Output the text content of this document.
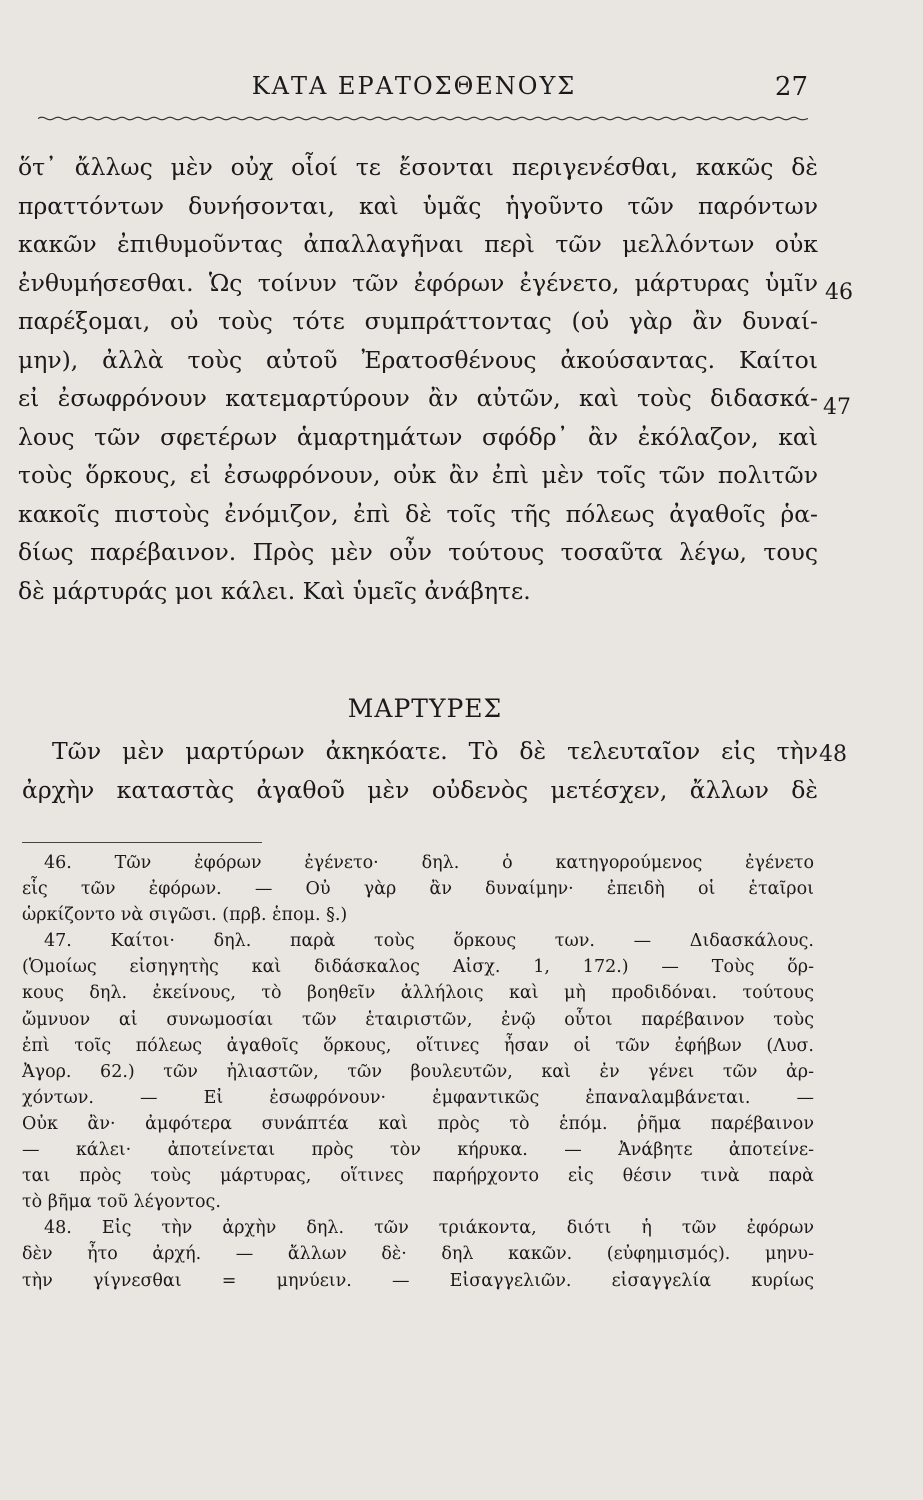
ΚΑΤΑ ΕΡΑΤΟΣΘΕΝΟΥΣ	27
ὅτ᾽ ἄλλως μὲν οὐχ οἷοί τε ἔσονται περιγενέσθαι, κακῶς δὲ
πραττόντων δυνήσονται, καὶ ὑμᾶς ἡγοῦντο τῶν παρόντων
κακῶν ἐπιθυμοῦντας ἀπαλλαγῆναι περὶ τῶν μελλόντων οὐκ
ἐνθυμήσεσθαι. Ὡς τοίνυν τῶν ἐφόρων ἐγένετο, μάρτυρας ὑμῖν
παρέξομαι, οὐ τοὺς τότε συμπράττοντας (οὐ γὰρ ἂν δυναί-
μην), ἀλλὰ τοὺς αὐτοῦ Ἐρατοσθένους ἀκούσαντας. Καίτοι
εἰ ἐσωφρόνουν κατεμαρτύρουν ἂν αὐτῶν, καὶ τοὺς διδασκά-
λους τῶν σφετέρων ἁμαρτημάτων σφόδρ᾽ ἂν ἐκόλαζον, καὶ
τοὺς ὅρκους, εἰ ἐσωφρόνουν, οὐκ ἂν ἐπὶ μὲν τοῖς τῶν πολιτῶν
κακοῖς πιστοὺς ἐνόμιζον, ἐπὶ δὲ τοῖς τῆς πόλεως ἀγαθοῖς ῥα-
δίως παρέβαινον. Πρὸς μὲν οὖν τούτους τοσαῦτα λέγω, τους
δὲ μάρτυράς μοι κάλει. Καὶ ὑμεῖς ἀνάβητε.
46
47
ΜΑΡΤΥΡΕΣ
Τῶν μὲν μαρτύρων ἀκηκόατε. Τὸ δὲ τελευταῖον εἰς τὴν
ἀρχὴν καταστὰς ἀγαθοῦ μὲν οὐδενὸς μετέσχεν, ἄλλων δὲ
48
46. Τῶν ἐφόρων ἐγένετο· δηλ. ὁ κατηγορούμενος ἐγένετο
εἷς τῶν ἐφόρων. — Οὐ γὰρ ἂν δυναίμην· ἐπειδὴ οἱ ἑταῖροι
ὡρκίζοντο νὰ σιγῶσι. (πρβ. ἑπομ. §.)
47. Καίτοι· δηλ. παρὰ τοὺς ὅρκους των. — Διδασκάλους.
(Ὁμοίως εἰσηγητὴς καὶ διδάσκαλος Αἰσχ. 1, 172.) — Τοὺς ὅρ-
κους δηλ. ἐκείνους, τὸ βοηθεῖν ἀλλήλοις καὶ μὴ προδιδόναι. τούτους
ὤμνυον αἱ συνωμοσίαι τῶν ἑταιριστῶν, ἐνῷ οὗτοι παρέβαινον τοὺς
ἐπὶ τοῖς πόλεως ἀγαθοῖς ὅρκους, οἵτινες ἦσαν οἱ τῶν ἐφήβων (Λυσ.
Ἀγορ. 62.) τῶν ἡλιαστῶν, τῶν βουλευτῶν, καὶ ἐν γένει τῶν ἀρ-
χόντων. — Εἰ ἐσωφρόνουν· ἐμφαντικῶς ἐπαναλαμβάνεται. —
Οὐκ ἂν· ἀμφότερα συνάπτέα καὶ πρὸς τὸ ἑπόμ. ῥῆμα παρέβαινον
— κάλει· ἀποτείνεται πρὸς τὸν κήρυκα. — Ἀνάβητε ἀποτείνε-
ται πρὸς τοὺς μάρτυρας, οἵτινες παρήρχοντο εἰς θέσιν τινὰ παρὰ
τὸ βῆμα τοῦ λέγοντος.
48. Εἰς τὴν ἀρχὴν δηλ. τῶν τριάκοντα, διότι ἡ τῶν ἐφόρων
δὲν ἦτο ἀρχή. — ἄλλων δὲ· δηλ κακῶν. (εὐφημισμός). μηνυ-
τὴν γίγνεσθαι = μηνύειν. — Εἰσαγγελιῶν. εἰσαγγελία κυρίως
